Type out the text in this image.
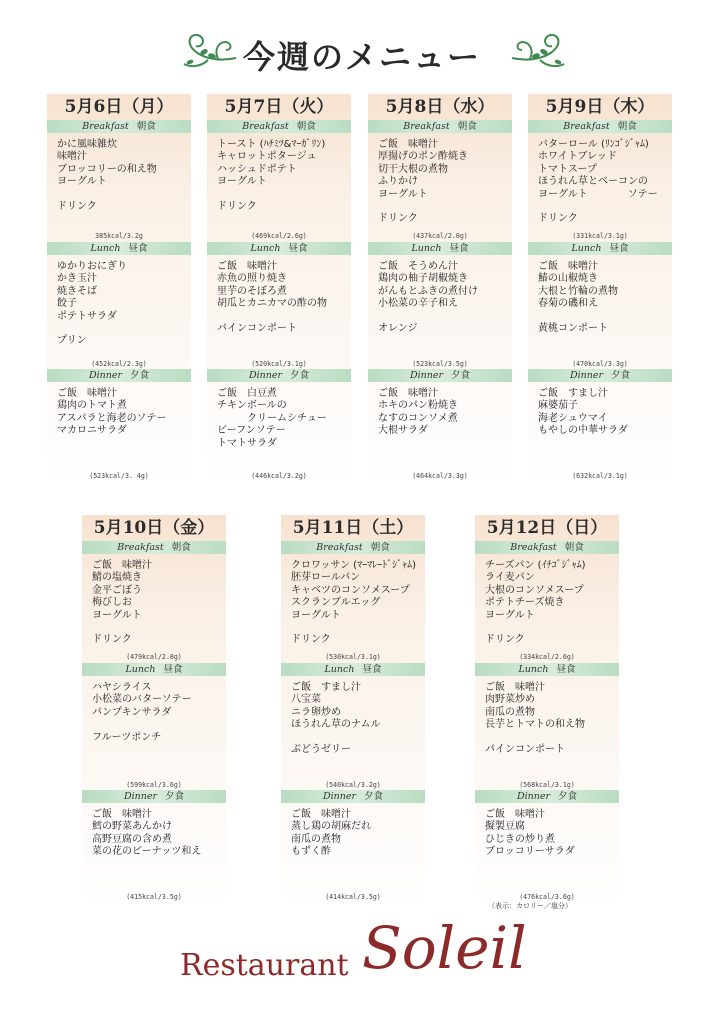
今週のメニュー
5月6日（月）
Breakfast 朝食
かに風味雑炊
味噌汁
ブロッコリーの和え物
ヨーグルト
ドリンク
385kcal/3.2g
Lunch 昼食
ゆかりおにぎり
かき玉汁
焼きそば
餃子
ポテトサラダ
プリン
(452kcal/2.3g)
Dinner 夕食
ご飯　味噌汁
鶏肉のトマト煮
アスパラと海老のソテー
マカロニサラダ
(523kcal/3. 4g)
5月7日（火）
Breakfast 朝食
トースト (ﾊﾁﾐﾂ&ﾏｰｶﾞﾘﾝ)
キャロットポタージュ
ハッシュドポテト
ヨーグルト
ドリンク
(469kcal/2.6g)
Lunch 昼食
ご飯　味噌汁
赤魚の照り焼き
里芋のそぼろ煮
胡瓜とカニカマの酢の物
パインコンポート
(520kcal/3.1g)
Dinner 夕食
ご飯　白豆煮
チキンボールの
　　　クリームシチュー
ビーフンソテー
トマトサラダ
(446kcal/3.2g)
5月8日（水）
Breakfast 朝食
ご飯　味噌汁
厚揚げのポン酢焼き
切干大根の煮物
ふりかけ
ヨーグルト
ドリンク
(437kcal/2.0g)
Lunch 昼食
ご飯　そうめん汁
鶏肉の柚子胡椒焼き
がんもとふきの煮付け
小松菜の辛子和え
オレンジ
(523kcal/3.5g)
Dinner 夕食
ご飯　味噌汁
ホキのパン粉焼き
なすのコンソメ煮
大根サラダ
(464kcal/3.3g)
5月9日（木）
Breakfast 朝食
バターロール (ﾘﾝｺﾞｼﾞｬﾑ)
ホワイトブレッド
トマトスープ
ほうれん草とベーコンの
ヨーグルト　　　　ソテー
ドリンク
(331kcal/3.1g)
Lunch 昼食
ご飯　味噌汁
鰆の山椒焼き
大根と竹輪の煮物
春菊の磯和え
黄桃コンポート
(470kcal/3.3g)
Dinner 夕食
ご飯　すまし汁
麻婆茄子
海老シュウマイ
もやしの中華サラダ
(632kcal/3.1g)
5月10日（金）
Breakfast 朝食
ご飯　味噌汁
鯖の塩焼き
金平ごぼう
梅びしお
ヨーグルト
ドリンク
(479kcal/2.8g)
Lunch 昼食
ハヤシライス
小松菜のバターソテー
パンプキンサラダ
フルーツポンチ
(599kcal/3.6g)
Dinner 夕食
ご飯　味噌汁
鱈の野菜あんかけ
高野豆腐の含め煮
菜の花のピーナッツ和え
(415kcal/3.5g)
5月11日（土）
Breakfast 朝食
クロワッサン (ﾏｰﾏﾚｰﾄﾞｼﾞｬﾑ)
胚芽ロールパン
キャベツのコンソメスープ
スクランブルエッグ
ヨーグルト
ドリンク
(530kcal/3.1g)
Lunch 昼食
ご飯　すまし汁
八宝菜
ニラ卵炒め
ほうれん草のナムル
ぶどうゼリー
(540kcal/3.2g)
Dinner 夕食
ご飯　味噌汁
蒸し鶏の胡麻だれ
南瓜の煮物
もずく酢
(414kcal/3.5g)
5月12日（日）
Breakfast 朝食
チーズパン (ｲﾁｺﾞｼﾞｬﾑ)
ライ麦パン
大根のコンソメスープ
ポテトチーズ焼き
ヨーグルト
ドリンク
(334kcal/2.6g)
Lunch 昼食
ご飯　味噌汁
肉野菜炒め
南瓜の煮物
長芋とトマトの和え物
パインコンポート
(568kcal/3.1g)
Dinner 夕食
ご飯　味噌汁
擬製豆腐
ひじきの炒り煮
ブロッコリーサラダ
(476kcal/3.6g)
（表示：カロリー／塩分）
Restaurant Soleil
